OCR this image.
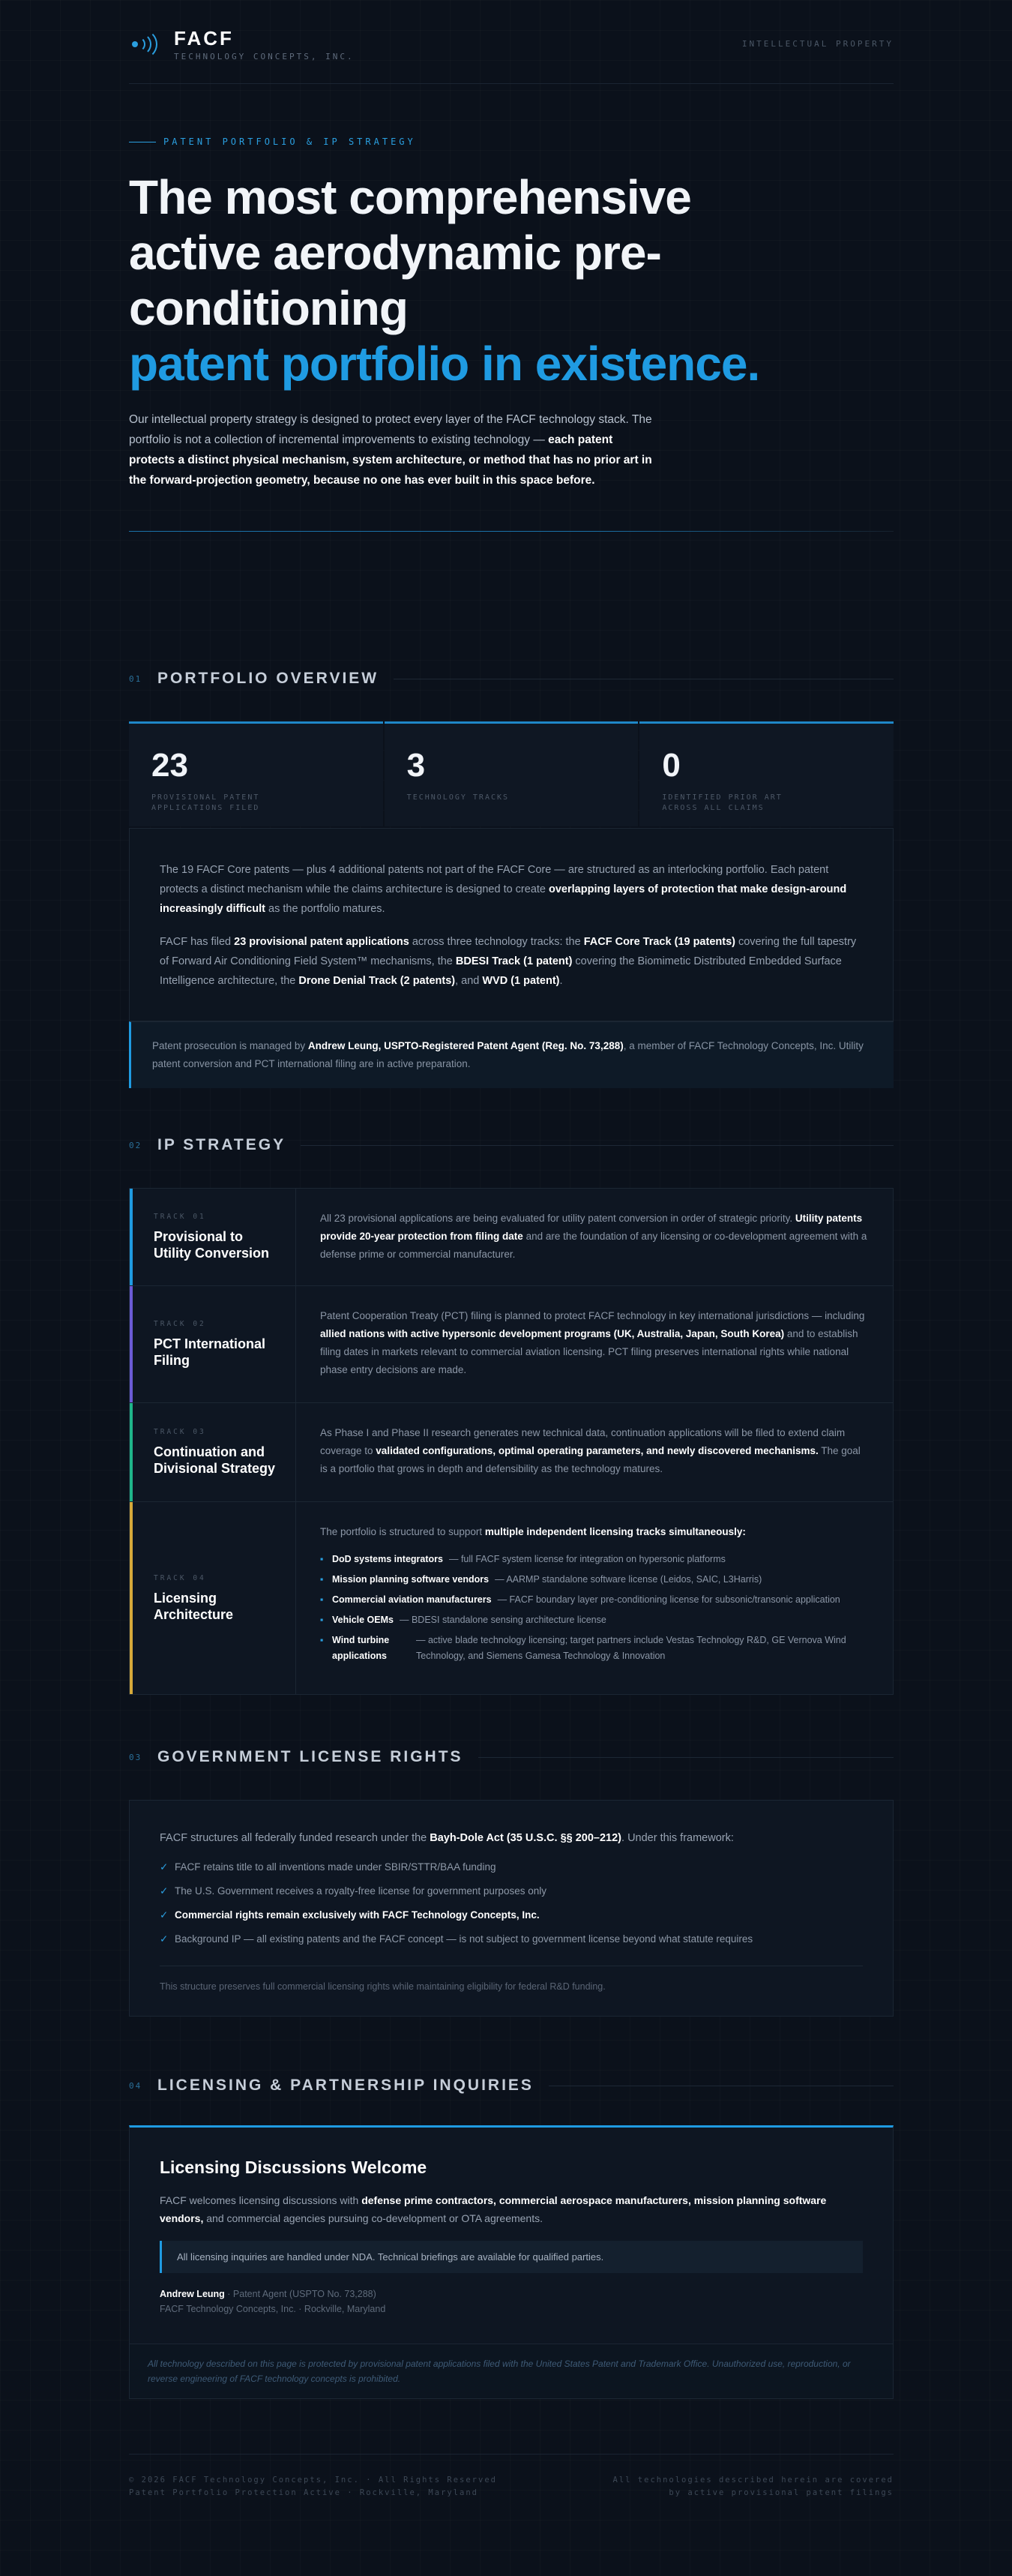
FACF
TECHNOLOGY CONCEPTS, INC.
INTELLECTUAL PROPERTY
PATENT PORTFOLIO & IP STRATEGY
The most comprehensive active aerodynamic pre-conditioning
patent portfolio in existence.

Our intellectual property strategy is designed to protect every layer of the FACF technology stack. The portfolio is not a collection of incremental improvements to existing technology — each patent protects a distinct physical mechanism, system architecture, or method that has no prior art in the forward-projection geometry, because no one has ever built in this space before.

01 PORTFOLIO OVERVIEW
23
PROVISIONAL PATENT APPLICATIONS FILED
3
TECHNOLOGY TRACKS
0
IDENTIFIED PRIOR ART ACROSS ALL CLAIMS

The 19 FACF Core patents — plus 4 additional patents not part of the FACF Core — are structured as an interlocking portfolio. Each patent protects a distinct mechanism while the claims architecture is designed to create overlapping layers of protection that make design-around increasingly difficult as the portfolio matures.

FACF has filed 23 provisional patent applications across three technology tracks: the FACF Core Track (19 patents) covering the full tapestry of Forward Air Conditioning Field System™ mechanisms, the BDESI Track (1 patent) covering the Biomimetic Distributed Embedded Surface Intelligence architecture, the Drone Denial Track (2 patents), and WVD (1 patent).

Patent prosecution is managed by Andrew Leung, USPTO-Registered Patent Agent (Reg. No. 73,288), a member of FACF Technology Concepts, Inc. Utility patent conversion and PCT international filing are in active preparation.
02 IP STRATEGY
TRACK 01
Provisional to Utility Conversion
All 23 provisional applications are being evaluated for utility patent conversion in order of strategic priority. Utility patents provide 20-year protection from filing date and are the foundation of any licensing or co-development agreement with a defense prime or commercial manufacturer.
TRACK 02
PCT International Filing
Patent Cooperation Treaty (PCT) filing is planned to protect FACF technology in key international jurisdictions — including allied nations with active hypersonic development programs (UK, Australia, Japan, South Korea) and to establish filing dates in markets relevant to commercial aviation licensing. PCT filing preserves international rights while national phase entry decisions are made.
TRACK 03
Continuation and Divisional Strategy
As Phase I and Phase II research generates new technical data, continuation applications will be filed to extend claim coverage to validated configurations, optimal operating parameters, and newly discovered mechanisms. The goal is a portfolio that grows in depth and defensibility as the technology matures.
TRACK 04
Licensing Architecture
The portfolio is structured to support multiple independent licensing tracks simultaneously:
▪ DoD systems integrators — full FACF system license for integration on hypersonic platforms
▪ Mission planning software vendors — AARMP standalone software license (Leidos, SAIC, L3Harris)
▪ Commercial aviation manufacturers — FACF boundary layer pre-conditioning license for subsonic/transonic application
▪ Vehicle OEMs — BDESI standalone sensing architecture license
▪ Wind turbine applications
— active blade technology licensing; target partners include Vestas Technology R&D, GE Vernova Wind Technology, and Siemens Gamesa Technology & Innovation
03 GOVERNMENT LICENSE RIGHTS
FACF structures all federally funded research under the Bayh-Dole Act (35 U.S.C. §§ 200–212). Under this framework:
✓ FACF retains title to all inventions made under SBIR/STTR/BAA funding
✓ The U.S. Government receives a royalty-free license for government purposes only
✓ Commercial rights remain exclusively with FACF Technology Concepts, Inc.
✓ Background IP — all existing patents and the FACF concept — is not subject to government license beyond what statute requires
This structure preserves full commercial licensing rights while maintaining eligibility for federal R&D funding.
04 LICENSING & PARTNERSHIP INQUIRIES
Licensing Discussions Welcome
FACF welcomes licensing discussions with defense prime contractors, commercial aerospace manufacturers, mission planning software vendors, and commercial agencies pursuing co-development or OTA agreements.
All licensing inquiries are handled under NDA. Technical briefings are available for qualified parties.
Andrew Leung · Patent Agent (USPTO No. 73,288)
FACF Technology Concepts, Inc. · Rockville, Maryland
All technology described on this page is protected by provisional patent applications filed with the United States Patent and Trademark Office. Unauthorized use, reproduction, or reverse engineering of FACF technology concepts is prohibited.
© 2026 FACF Technology Concepts, Inc. · All Rights Reserved
Patent Portfolio Protection Active · Rockville, Maryland
All technologies described herein are covered
by active provisional patent filings
